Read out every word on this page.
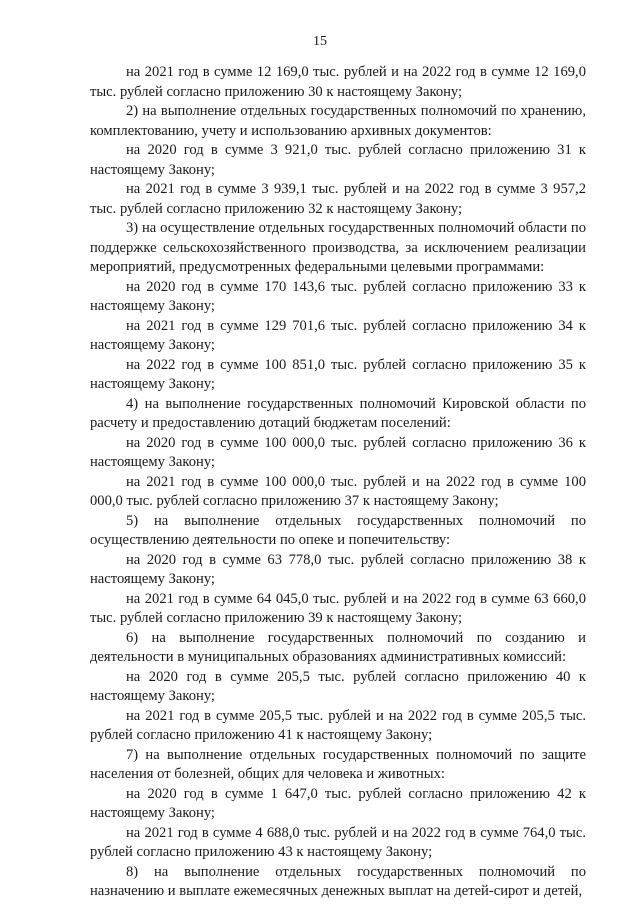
15

на 2021 год в сумме 12 169,0 тыс. рублей и на 2022 год в сумме 12 169,0 тыс. рублей согласно приложению 30 к настоящему Закону;

2) на выполнение отдельных государственных полномочий по хранению, комплектованию, учету и использованию архивных документов:

на 2020 год в сумме 3 921,0 тыс. рублей согласно приложению 31 к настоящему Закону;

на 2021 год в сумме 3 939,1 тыс. рублей и на 2022 год в сумме 3 957,2 тыс. рублей согласно приложению 32 к настоящему Закону;

3) на осуществление отдельных государственных полномочий области по поддержке сельскохозяйственного производства, за исключением реализации мероприятий, предусмотренных федеральными целевыми программами:

на 2020 год в сумме 170 143,6 тыс. рублей согласно приложению 33 к настоящему Закону;

на 2021 год в сумме 129 701,6 тыс. рублей согласно приложению 34 к настоящему Закону;

на 2022 год в сумме 100 851,0 тыс. рублей согласно приложению 35 к настоящему Закону;

4) на выполнение государственных полномочий Кировской области по расчету и предоставлению дотаций бюджетам поселений:

на 2020 год в сумме 100 000,0 тыс. рублей согласно приложению 36 к настоящему Закону;

на 2021 год в сумме 100 000,0 тыс. рублей и на 2022 год в сумме 100 000,0 тыс. рублей согласно приложению 37 к настоящему Закону;

5) на выполнение отдельных государственных полномочий по осуществлению деятельности по опеке и попечительству:

на 2020 год в сумме 63 778,0 тыс. рублей согласно приложению 38 к настоящему Закону;

на 2021 год в сумме 64 045,0 тыс. рублей и на 2022 год в сумме 63 660,0 тыс. рублей согласно приложению 39 к настоящему Закону;

6) на выполнение государственных полномочий по созданию и деятельности в муниципальных образованиях административных комиссий:

на 2020 год в сумме 205,5 тыс. рублей согласно приложению 40 к настоящему Закону;

на 2021 год в сумме 205,5 тыс. рублей и на 2022 год в сумме 205,5 тыс. рублей согласно приложению 41 к настоящему Закону;

7) на выполнение отдельных государственных полномочий по защите населения от болезней, общих для человека и животных:

на 2020 год в сумме 1 647,0 тыс. рублей согласно приложению 42 к настоящему Закону;

на 2021 год в сумме 4 688,0 тыс. рублей и на 2022 год в сумме 764,0 тыс. рублей согласно приложению 43 к настоящему Закону;

8) на выполнение отдельных государственных полномочий по назначению и выплате ежемесячных денежных выплат на детей-сирот и детей,
